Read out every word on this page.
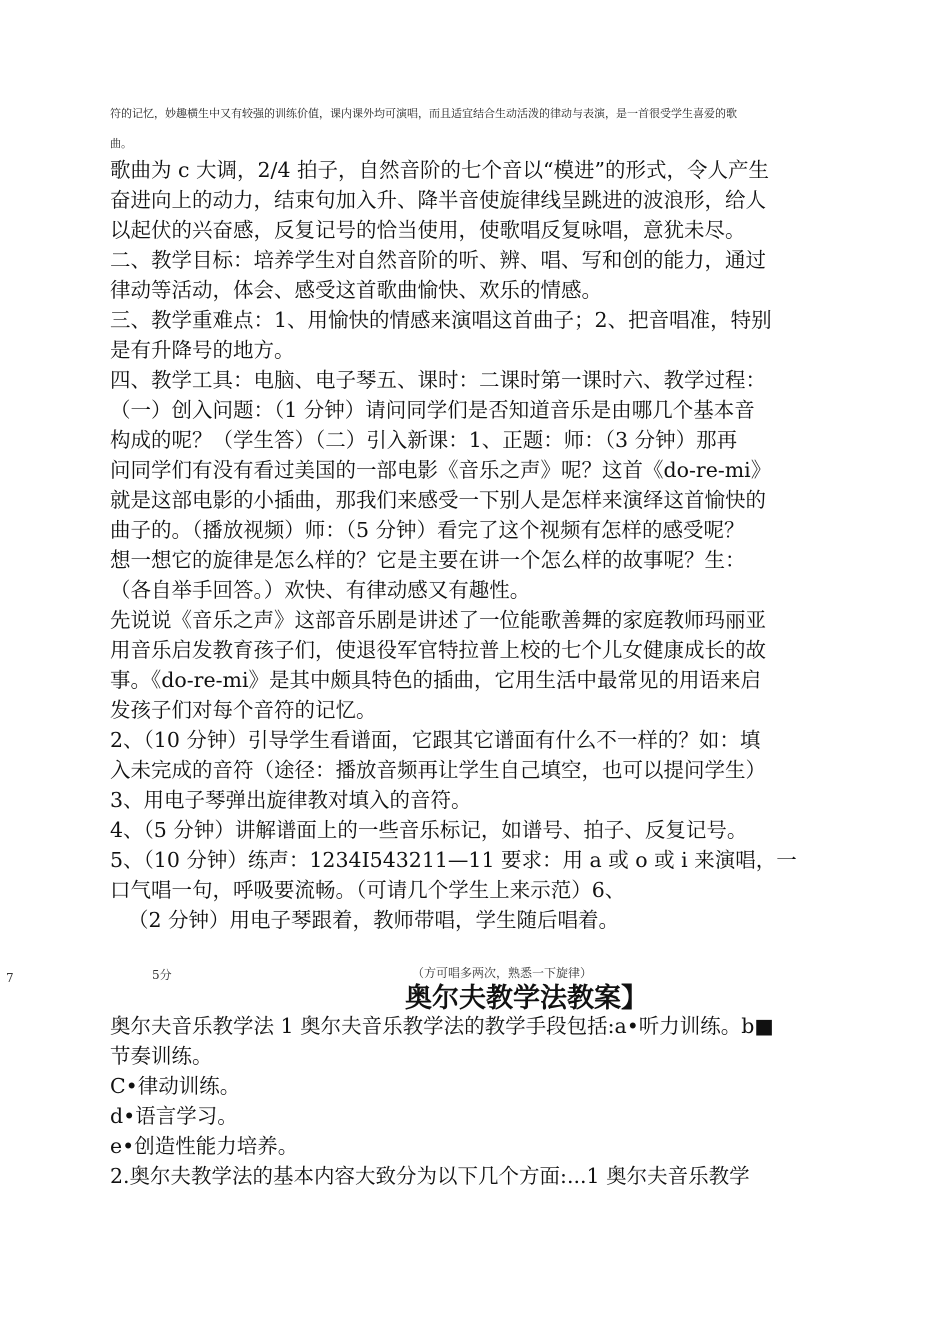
符的记忆，妙趣横生中又有较强的训练价值，课内课外均可演唱，而且适宜结合生动活泼的律动与表演，是一首很受学生喜爱的歌
曲。

歌曲为 c 大调，2/4 拍子，自然音阶的七个音以“模进”的形式，令人产生

奋进向上的动力，结束句加入升、降半音使旋律线呈跳进的波浪形，给人

以起伏的兴奋感，反复记号的恰当使用，使歌唱反复咏唱，意犹未尽。

二、教学目标：培养学生对自然音阶的听、辨、唱、写和创的能力，通过

律动等活动，体会、感受这首歌曲愉快、欢乐的情感。

三、教学重难点：1、用愉快的情感来演唱这首曲子；2、把音唱准，特别

是有升降号的地方。

四、教学工具：电脑、电子琴五、课时：二课时第一课时六、教学过程：

（一）创入问题：（1 分钟）请问同学们是否知道音乐是由哪几个基本音

构成的呢？（学生答）（二）引入新课：1、正题：师：（3 分钟）那再

问同学们有没有看过美国的一部电影《音乐之声》呢？这首《do-re-mi》

就是这部电影的小插曲，那我们来感受一下别人是怎样来演绎这首愉快的

曲子的。（播放视频）师：（5 分钟）看完了这个视频有怎样的感受呢？

想一想它的旋律是怎么样的？它是主要在讲一个怎么样的故事呢？生：

（各自举手回答。）欢快、有律动感又有趣性。

先说说《音乐之声》这部音乐剧是讲述了一位能歌善舞的家庭教师玛丽亚

用音乐启发教育孩子们，使退役军官特拉普上校的七个儿女健康成长的故

事。《do-re-mi》是其中颇具特色的插曲，它用生活中最常见的用语来启

发孩子们对每个音符的记忆。

2、（10 分钟）引导学生看谱面，它跟其它谱面有什么不一样的？如：填

入未完成的音符（途径：播放音频再让学生自己填空，也可以提问学生）

3、用电子琴弹出旋律教对填入的音符。

4、（5 分钟）讲解谱面上的一些音乐标记，如谱号、拍子、反复记号。

5、（10 分钟）练声：1234I543211—11 要求：用 a 或 o 或 i 来演唱，一

口气唱一句，呼吸要流畅。（可请几个学生上来示范）6、

（2 分钟）用电子琴跟着，教师带唱，学生随后唱着。

7	5分	（方可唱多两次，熟悉一下旋律）
奥尔夫教学法教案】

奥尔夫音乐教学法 1 奥尔夫音乐教学法的教学手段包括:a•听力训练。b■

节奏训练。

C•律动训练。

d•语言学习。

e•创造性能力培养。

2.奥尔夫教学法的基本内容大致分为以下几个方面:...1 奥尔夫音乐教学
